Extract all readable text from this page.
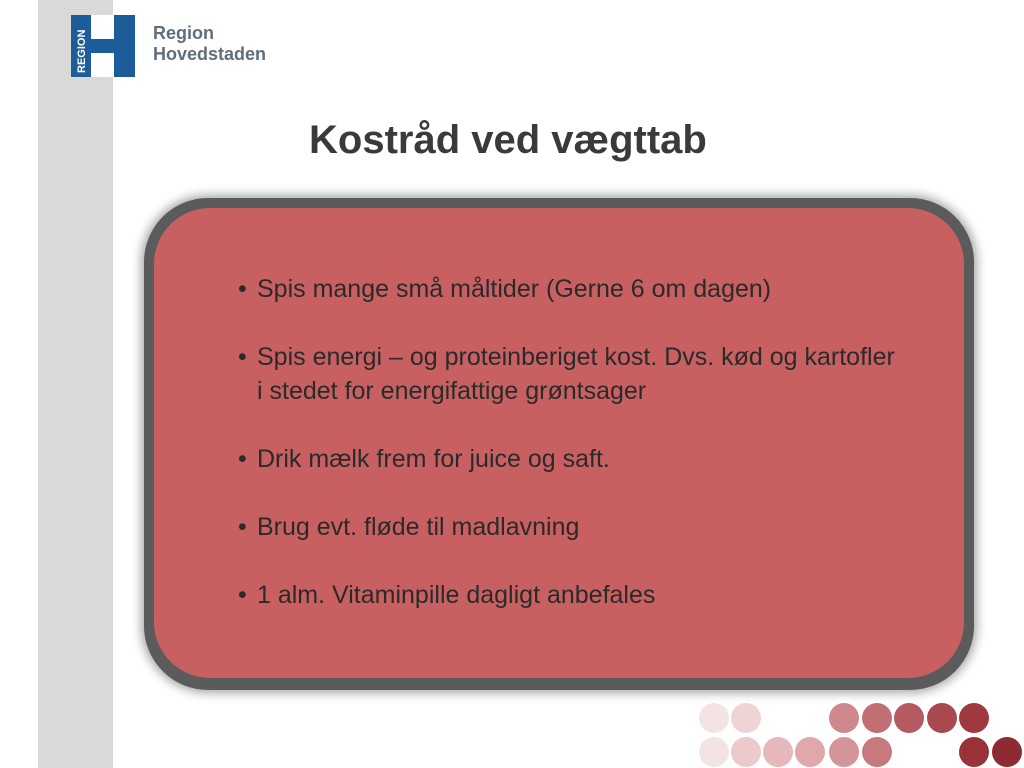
REGION	Region
Hovedstaden
Kostråd ved vægttab
• Spis mange små måltider (Gerne 6 om dagen)
• Spis energi – og proteinberiget kost. Dvs. kød og kartofler i stedet for energifattige grøntsager
• Drik mælk frem for juice og saft.
• Brug evt. fløde til madlavning
• 1 alm. Vitaminpille dagligt anbefales
